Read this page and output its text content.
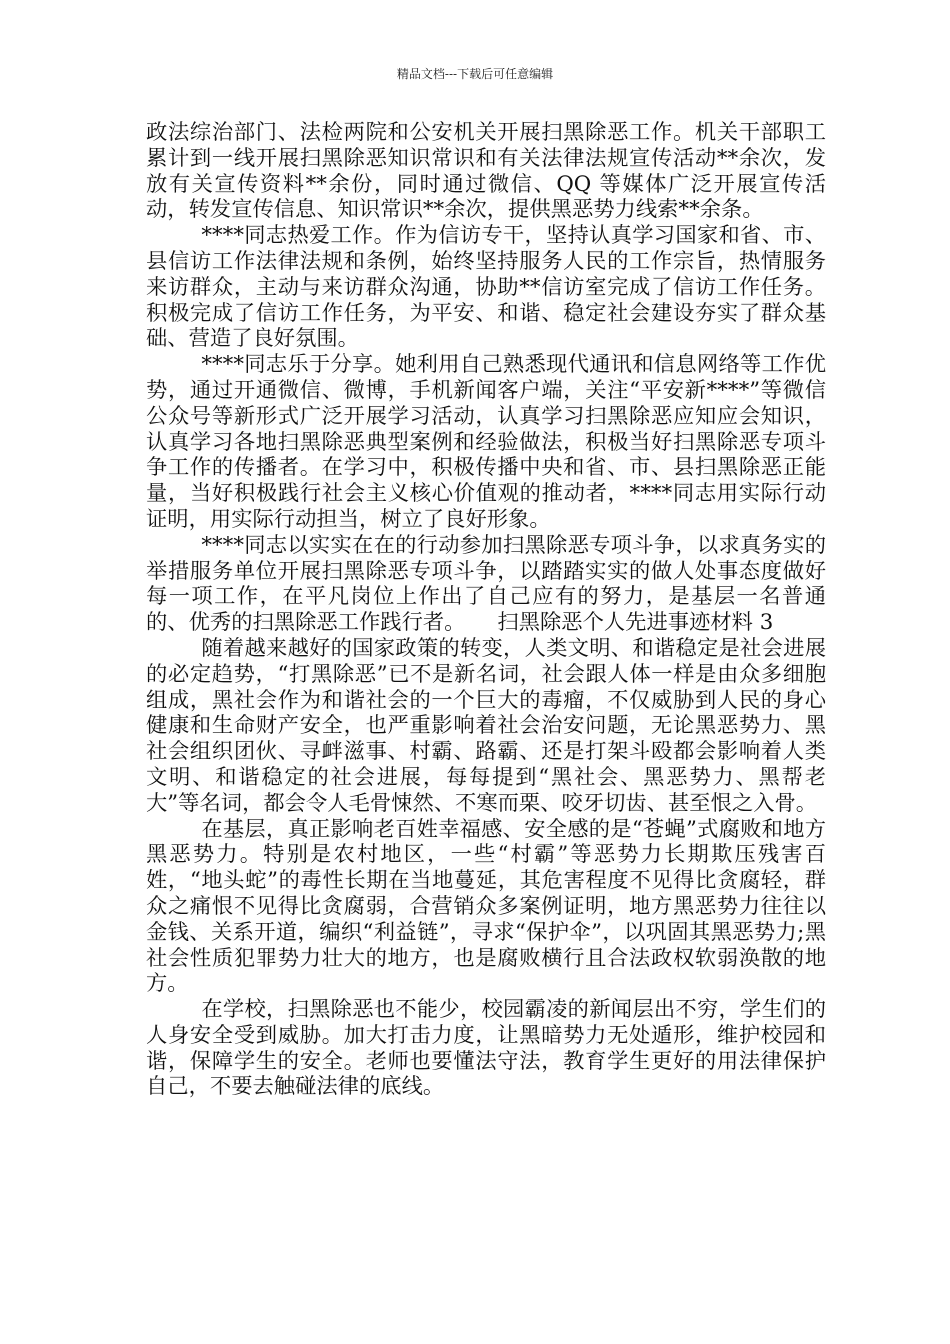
精品文档---下载后可任意编辑

政法综治部门、法检两院和公安机关开展扫黑除恶工作。机关干部职工累计到一线开展扫黑除恶知识常识和有关法律法规宣传活动**余次，发放有关宣传资料**余份，同时通过微信、QQ 等媒体广泛开展宣传活动，转发宣传信息、知识常识**余次，提供黑恶势力线索**余条。

****同志热爱工作。作为信访专干，坚持认真学习国家和省、市、县信访工作法律法规和条例，始终坚持服务人民的工作宗旨，热情服务来访群众，主动与来访群众沟通，协助**信访室完成了信访工作任务。积极完成了信访工作任务，为平安、和谐、稳定社会建设夯实了群众基础、营造了良好氛围。

****同志乐于分享。她利用自己熟悉现代通讯和信息网络等工作优势，通过开通微信、微博，手机新闻客户端，关注“平安新****”等微信公众号等新形式广泛开展学习活动，认真学习扫黑除恶应知应会知识，认真学习各地扫黑除恶典型案例和经验做法，积极当好扫黑除恶专项斗争工作的传播者。在学习中，积极传播中央和省、市、县扫黑除恶正能量，当好积极践行社会主义核心价值观的推动者，****同志用实际行动证明，用实际行动担当，树立了良好形象。

****同志以实实在在的行动参加扫黑除恶专项斗争，以求真务实的举措服务单位开展扫黑除恶专项斗争，以踏踏实实的做人处事态度做好每一项工作，在平凡岗位上作出了自己应有的努力，是基层一名普通的、优秀的扫黑除恶工作践行者。　　扫黑除恶个人先进事迹材料 3

随着越来越好的国家政策的转变，人类文明、和谐稳定是社会进展的必定趋势，“打黑除恶”已不是新名词，社会跟人体一样是由众多细胞组成，黑社会作为和谐社会的一个巨大的毒瘤，不仅威胁到人民的身心健康和生命财产安全，也严重影响着社会治安问题，无论黑恶势力、黑社会组织团伙、寻衅滋事、村霸、路霸、还是打架斗殴都会影响着人类文明、和谐稳定的社会进展，每每提到“黑社会、黑恶势力、黑帮老大”等名词，都会令人毛骨悚然、不寒而栗、咬牙切齿、甚至恨之入骨。

在基层，真正影响老百姓幸福感、安全感的是“苍蝇”式腐败和地方黑恶势力。特别是农村地区，一些“村霸”等恶势力长期欺压残害百姓，“地头蛇”的毒性长期在当地蔓延，其危害程度不见得比贪腐轻，群众之痛恨不见得比贪腐弱，合营销众多案例证明，地方黑恶势力往往以金钱、关系开道，编织“利益链”，寻求“保护伞”，以巩固其黑恶势力;黑社会性质犯罪势力壮大的地方，也是腐败横行且合法政权软弱涣散的地方。

在学校，扫黑除恶也不能少，校园霸凌的新闻层出不穷，学生们的人身安全受到威胁。加大打击力度，让黑暗势力无处遁形，维护校园和谐，保障学生的安全。老师也要懂法守法，教育学生更好的用法律保护自己，不要去触碰法律的底线。
